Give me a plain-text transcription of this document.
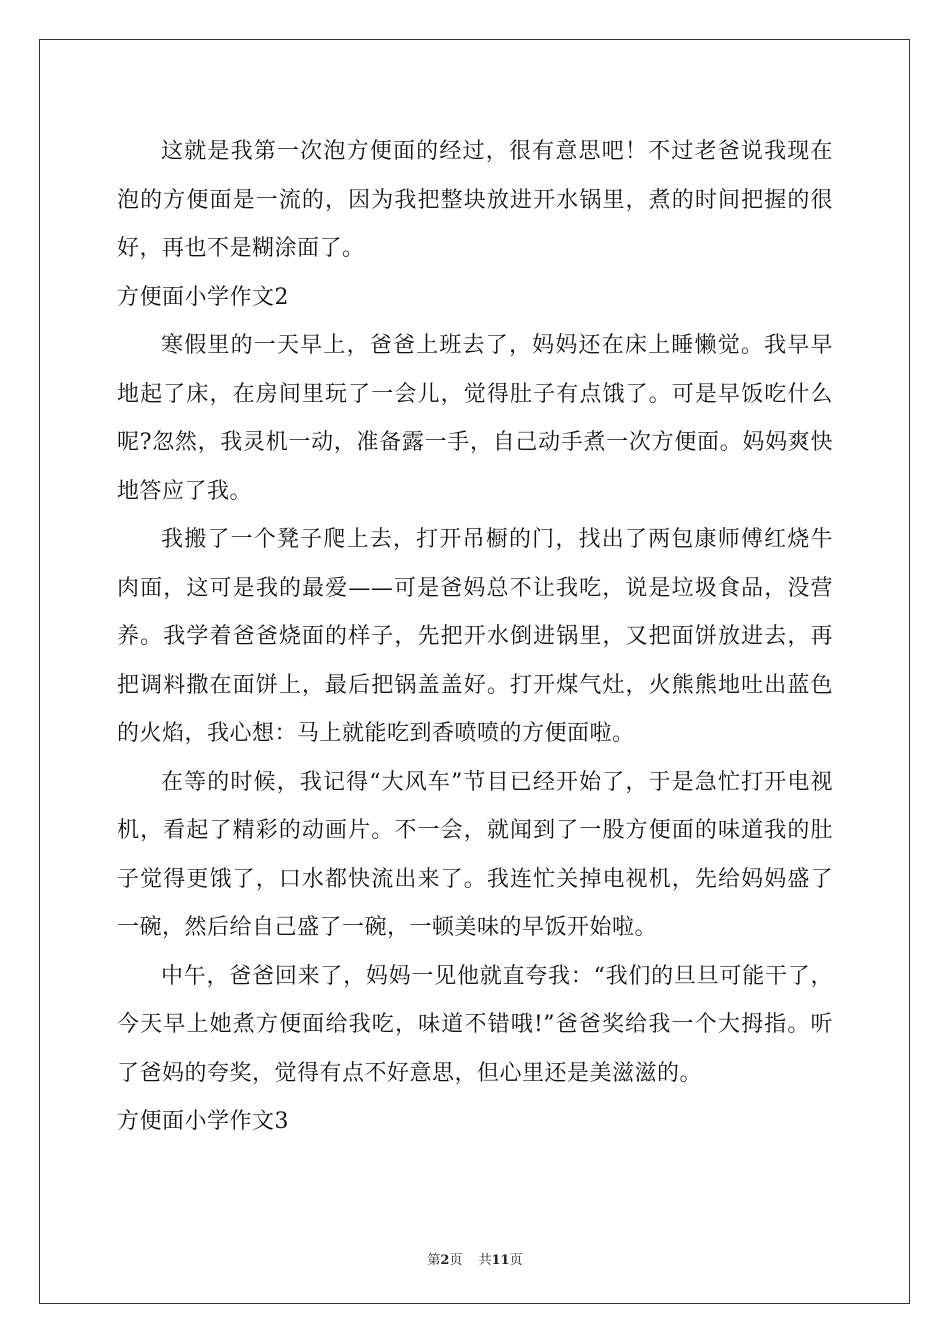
这就是我第一次泡方便面的经过，很有意思吧！不过老爸说我现在泡的方便面是一流的，因为我把整块放进开水锅里，煮的时间把握的很好，再也不是糊涂面了。

方便面小学作文2

寒假里的一天早上，爸爸上班去了，妈妈还在床上睡懒觉。我早早地起了床，在房间里玩了一会儿，觉得肚子有点饿了。可是早饭吃什么呢?忽然，我灵机一动，准备露一手，自己动手煮一次方便面。妈妈爽快地答应了我。

我搬了一个凳子爬上去，打开吊橱的门，找出了两包康师傅红烧牛肉面，这可是我的最爱——可是爸妈总不让我吃，说是垃圾食品，没营养。我学着爸爸烧面的样子，先把开水倒进锅里，又把面饼放进去，再把调料撒在面饼上，最后把锅盖盖好。打开煤气灶，火熊熊地吐出蓝色的火焰，我心想：马上就能吃到香喷喷的方便面啦。

在等的时候，我记得“大风车”节目已经开始了，于是急忙打开电视机，看起了精彩的动画片。不一会，就闻到了一股方便面的味道我的肚子觉得更饿了，口水都快流出来了。我连忙关掉电视机，先给妈妈盛了一碗，然后给自己盛了一碗，一顿美味的早饭开始啦。

中午，爸爸回来了，妈妈一见他就直夸我：“我们的旦旦可能干了，今天早上她煮方便面给我吃，味道不错哦!”爸爸奖给我一个大拇指。听了爸妈的夸奖，觉得有点不好意思，但心里还是美滋滋的。

方便面小学作文3

第2页 共11页
